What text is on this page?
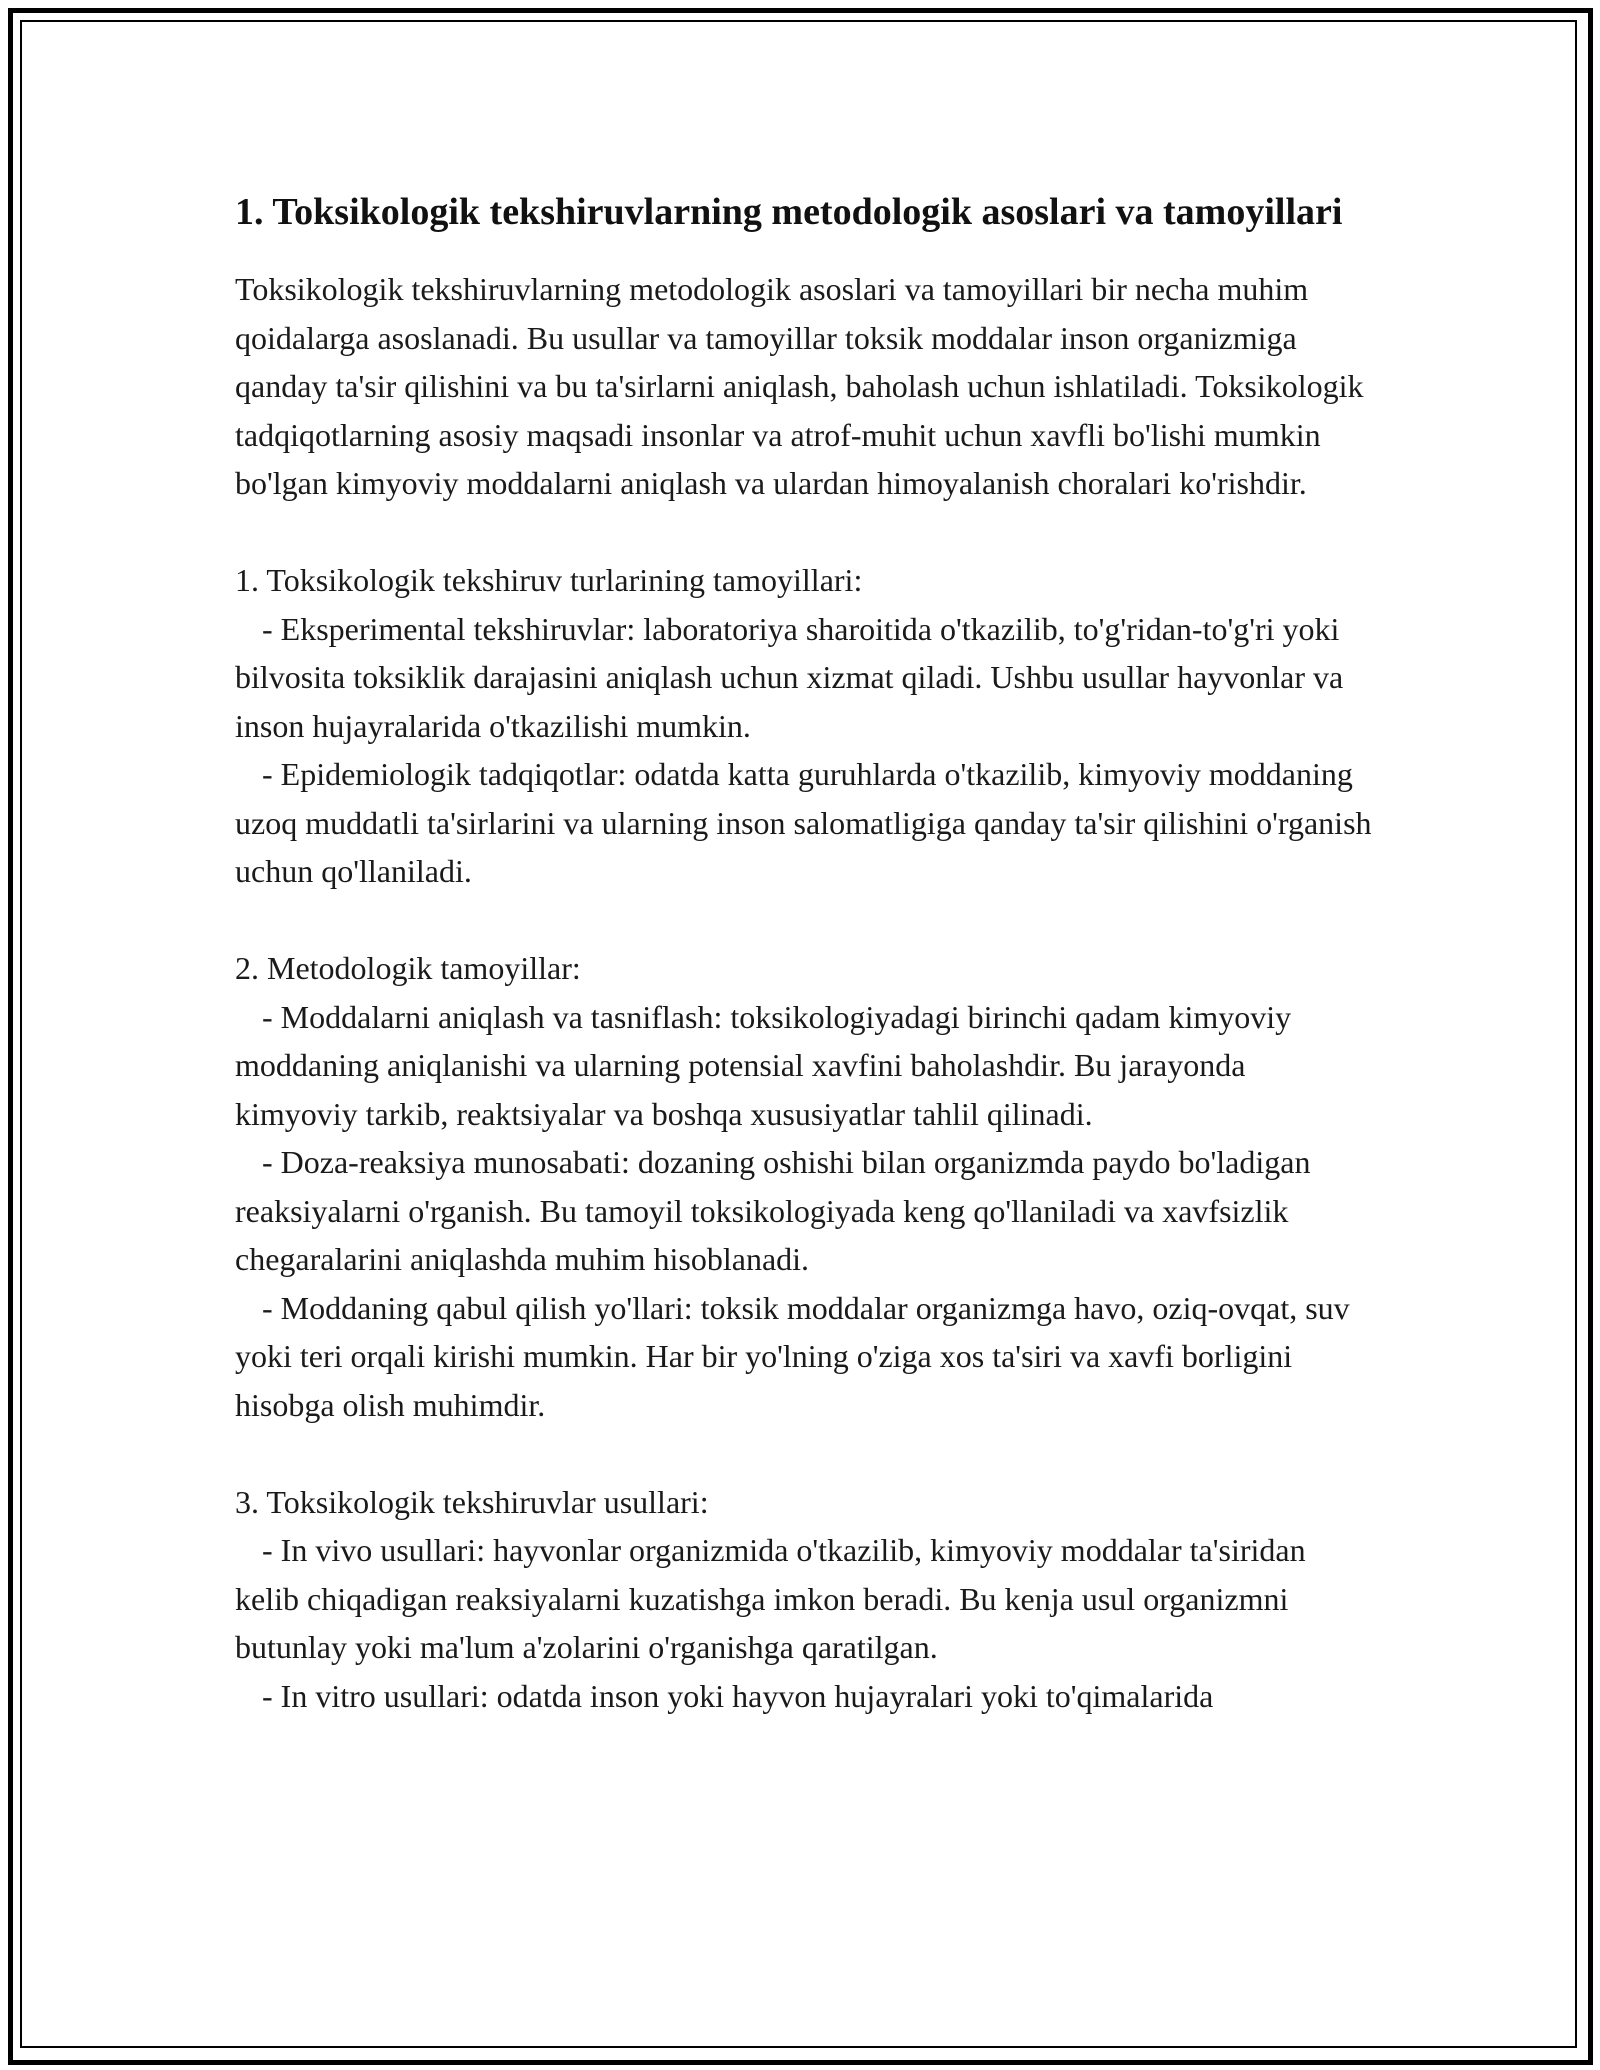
1. Toksikologik tekshiruvlarning metodologik asoslari va tamoyillari

Toksikologik tekshiruvlarning metodologik asoslari va tamoyillari bir necha muhim qoidalarga asoslanadi. Bu usullar va tamoyillar toksik moddalar inson organizmiga qanday ta'sir qilishini va bu ta'sirlarni aniqlash, baholash uchun ishlatiladi. Toksikologik tadqiqotlarning asosiy maqsadi insonlar va atrof-muhit uchun xavfli bo'lishi mumkin bo'lgan kimyoviy moddalarni aniqlash va ulardan himoyalanish choralari ko'rishdir.

1. Toksikologik tekshiruv turlarining tamoyillari:

- Eksperimental tekshiruvlar: laboratoriya sharoitida o'tkazilib, to'g'ridan-to'g'ri yoki bilvosita toksiklik darajasini aniqlash uchun xizmat qiladi. Ushbu usullar hayvonlar va inson hujayralarida o'tkazilishi mumkin.

- Epidemiologik tadqiqotlar: odatda katta guruhlarda o'tkazilib, kimyoviy moddaning uzoq muddatli ta'sirlarini va ularning inson salomatligiga qanday ta'sir qilishini o'rganish uchun qo'llaniladi.

2. Metodologik tamoyillar:

- Moddalarni aniqlash va tasniflash: toksikologiyadagi birinchi qadam kimyoviy moddaning aniqlanishi va ularning potensial xavfini baholashdir. Bu jarayonda kimyoviy tarkib, reaktsiyalar va boshqa xususiyatlar tahlil qilinadi.

- Doza-reaksiya munosabati: dozaning oshishi bilan organizmda paydo bo'ladigan reaksiyalarni o'rganish. Bu tamoyil toksikologiyada keng qo'llaniladi va xavfsizlik chegaralarini aniqlashda muhim hisoblanadi.

- Moddaning qabul qilish yo'llari: toksik moddalar organizmga havo, oziq-ovqat, suv yoki teri orqali kirishi mumkin. Har bir yo'lning o'ziga xos ta'siri va xavfi borligini hisobga olish muhimdir.

3. Toksikologik tekshiruvlar usullari:

- In vivo usullari: hayvonlar organizmida o'tkazilib, kimyoviy moddalar ta'siridan kelib chiqadigan reaksiyalarni kuzatishga imkon beradi. Bu kenja usul organizmni butunlay yoki ma'lum a'zolarini o'rganishga qaratilgan.

- In vitro usullari: odatda inson yoki hayvon hujayralari yoki to'qimalarida
